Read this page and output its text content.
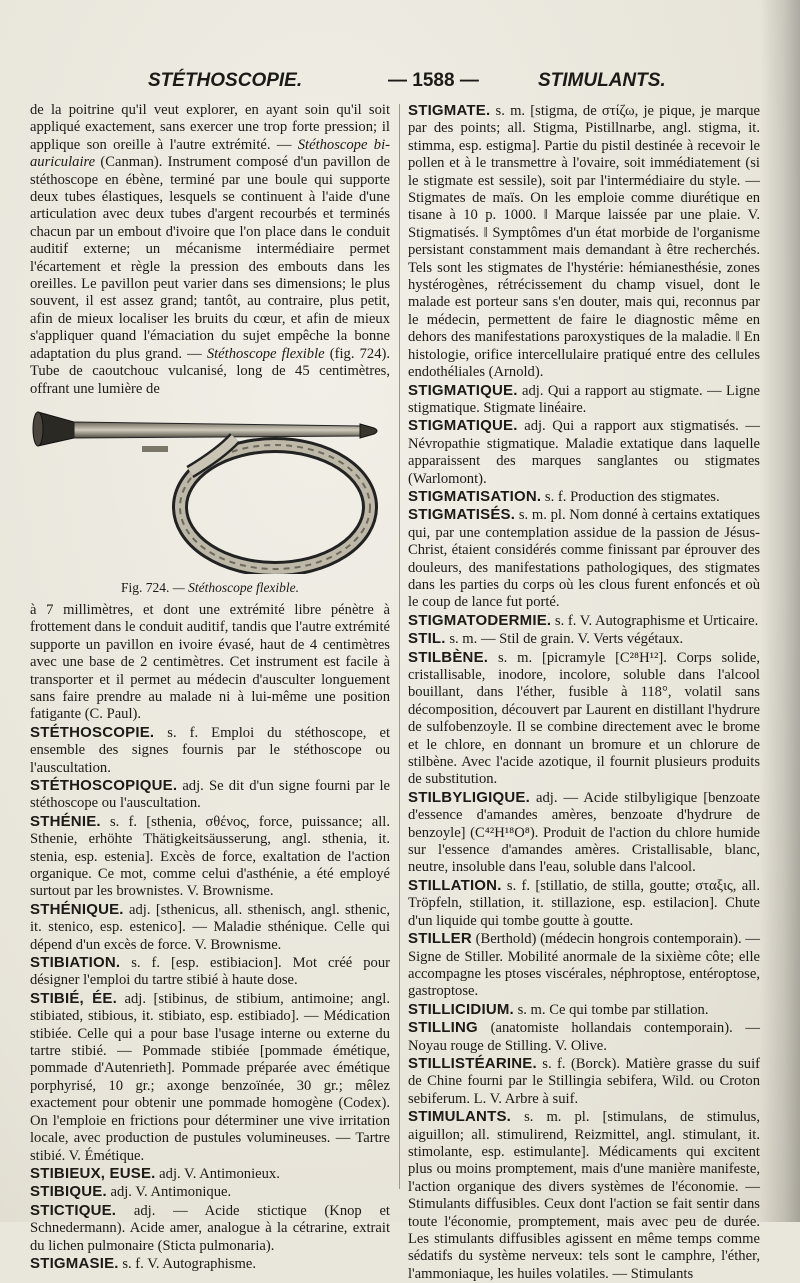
STÉTHOSCOPIE.	— 1588 —	STIMULANTS.

de la poitrine qu'il veut explorer, en ayant soin qu'il soit appliqué exactement, sans exercer une trop forte pression; il applique son oreille à l'autre extrémité. — Stéthoscope bi-auriculaire (Canman). Instrument composé d'un pavillon de stéthoscope en ébène, terminé par une boule qui supporte deux tubes élastiques, lesquels se continuent à l'aide d'une articulation avec deux tubes d'argent recourbés et terminés chacun par un embout d'ivoire que l'on place dans le conduit auditif externe; un mécanisme intermédiaire permet l'écartement et règle la pression des embouts dans les oreilles. Le pavillon peut varier dans ses dimensions; le plus souvent, il est assez grand; tantôt, au contraire, plus petit, afin de mieux localiser les bruits du cœur, et afin de mieux s'appliquer quand l'émaciation du sujet empêche la bonne adaptation du plus grand. — Stéthoscope flexible (fig. 724). Tube de caoutchouc vulcanisé, long de 45 centimètres, offrant une lumière de

Fig. 724. — Stéthoscope flexible.

à 7 millimètres, et dont une extrémité libre pénètre à frottement dans le conduit auditif, tandis que l'autre extrémité supporte un pavillon en ivoire évasé, haut de 4 centimètres avec une base de 2 centimètres. Cet instrument est facile à transporter et il permet au médecin d'ausculter longuement sans faire prendre au malade ni à lui-même une position fatigante (C. Paul).

STÉTHOSCOPIE. s. f. Emploi du stéthoscope, et ensemble des signes fournis par le stéthoscope ou l'auscultation.

STÉTHOSCOPIQUE. adj. Se dit d'un signe fourni par le stéthoscope ou l'auscultation.

STHÉNIE. s. f. [sthenia, σθένος, force, puissance; all. Sthenie, erhöhte Thätigkeitsäusserung, angl. sthenia, it. stenia, esp. estenia]. Excès de force, exaltation de l'action organique. Ce mot, comme celui d'asthénie, a été employé surtout par les brownistes. V. Brownisme.

STHÉNIQUE. adj. [sthenicus, all. sthenisch, angl. sthenic, it. stenico, esp. estenico]. — Maladie sthénique. Celle qui dépend d'un excès de force. V. Brownisme.

STIBIATION. s. f. [esp. estibiacion]. Mot créé pour désigner l'emploi du tartre stibié à haute dose.

STIBIÉ, ÉE. adj. [stibinus, de stibium, antimoine; angl. stibiated, stibious, it. stibiato, esp. estibiado]. — Médication stibiée. Celle qui a pour base l'usage interne ou externe du tartre stibié. — Pommade stibiée [pommade émétique, pommade d'Autenrieth]. Pommade préparée avec émétique porphyrisé, 10 gr.; axonge benzoïnée, 30 gr.; mêlez exactement pour obtenir une pommade homogène (Codex). On l'emploie en frictions pour déterminer une vive irritation locale, avec production de pustules volumineuses. — Tartre stibié. V. Émétique.

STIBIEUX, EUSE. adj. V. Antimonieux.

STIBIQUE. adj. V. Antimonique.

STICTIQUE. adj. — Acide stictique (Knop et Schnedermann). Acide amer, analogue à la cétrarine, extrait du lichen pulmonaire (Sticta pulmonaria).

STIGMASIE. s. f. V. Autographisme.

STIGMATE. s. m. [stigma, de στίζω, je pique, je marque par des points; all. Stigma, Pistillnarbe, angl. stigma, it. stimma, esp. estigma]. Partie du pistil destinée à recevoir le pollen et à le transmettre à l'ovaire, soit immédiatement (si le stigmate est sessile), soit par l'intermédiaire du style. — Stigmates de maïs. On les emploie comme diurétique en tisane à 10 p. 1000. ‖ Marque laissée par une plaie. V. Stigmatisés. ‖ Symptômes d'un état morbide de l'organisme persistant constamment mais demandant à être recherchés. Tels sont les stigmates de l'hystérie: hémianesthésie, zones hystérogènes, rétrécissement du champ visuel, dont le malade est porteur sans s'en douter, mais qui, reconnus par le médecin, permettent de faire le diagnostic même en dehors des manifestations paroxystiques de la maladie. ‖ En histologie, orifice intercellulaire pratiqué entre des cellules endothéliales (Arnold).

STIGMATIQUE. adj. Qui a rapport au stigmate. — Ligne stigmatique. Stigmate linéaire.

STIGMATIQUE. adj. Qui a rapport aux stigmatisés. — Névropathie stigmatique. Maladie extatique dans laquelle apparaissent des marques sanglantes ou stigmates (Warlomont).

STIGMATISATION. s. f. Production des stigmates.

STIGMATISÉS. s. m. pl. Nom donné à certains extatiques qui, par une contemplation assidue de la passion de Jésus-Christ, étaient considérés comme finissant par éprouver des douleurs, des manifestations pathologiques, des stigmates dans les parties du corps où les clous furent enfoncés et où le coup de lance fut porté.

STIGMATODERMIE. s. f. V. Autographisme et Urticaire.

STIL. s. m. — Stil de grain. V. Verts végétaux.

STILBÈNE. s. m. [picramyle [C²⁸H¹²]. Corps solide, cristallisable, inodore, incolore, soluble dans l'alcool bouillant, dans l'éther, fusible à 118°, volatil sans décomposition, découvert par Laurent en distillant l'hydrure de sulfobenzoyle. Il se combine directement avec le brome et le chlore, en donnant un bromure et un chlorure de stilbène. Avec l'acide azotique, il fournit plusieurs produits de substitution.

STILBYLIGIQUE. adj. — Acide stilbyligique [benzoate d'essence d'amandes amères, benzoate d'hydrure de benzoyle] (C⁴²H¹⁸O⁸). Produit de l'action du chlore humide sur l'essence d'amandes amères. Cristallisable, blanc, neutre, insoluble dans l'eau, soluble dans l'alcool.

STILLATION. s. f. [stillatio, de stilla, goutte; σταξις, all. Tröpfeln, stillation, it. stillazione, esp. estilacion]. Chute d'un liquide qui tombe goutte à goutte.

STILLER (Berthold) (médecin hongrois contemporain). — Signe de Stiller. Mobilité anormale de la sixième côte; elle accompagne les ptoses viscérales, néphroptose, entéroptose, gastroptose.

STILLICIDIUM. s. m. Ce qui tombe par stillation.

STILLING (anatomiste hollandais contemporain). — Noyau rouge de Stilling. V. Olive.

STILLISTÉARINE. s. f. (Borck). Matière grasse du suif de Chine fourni par le Stillingia sebifera, Wild. ou Croton sebiferum. L. V. Arbre à suif.

STIMULANTS. s. m. pl. [stimulans, de stimulus, aiguillon; all. stimulirend, Reizmittel, angl. stimulant, it. stimolante, esp. estimulante]. Médicaments qui excitent plus ou moins promptement, mais d'une manière manifeste, l'action organique des divers systèmes de l'économie. — Stimulants diffusibles. Ceux dont l'action se fait sentir dans toute l'économie, promptement, mais avec peu de durée. Les stimulants diffusibles agissent en même temps comme sédatifs du système nerveux: tels sont le camphre, l'éther, l'ammoniaque, les huiles volatiles. — Stimulants
